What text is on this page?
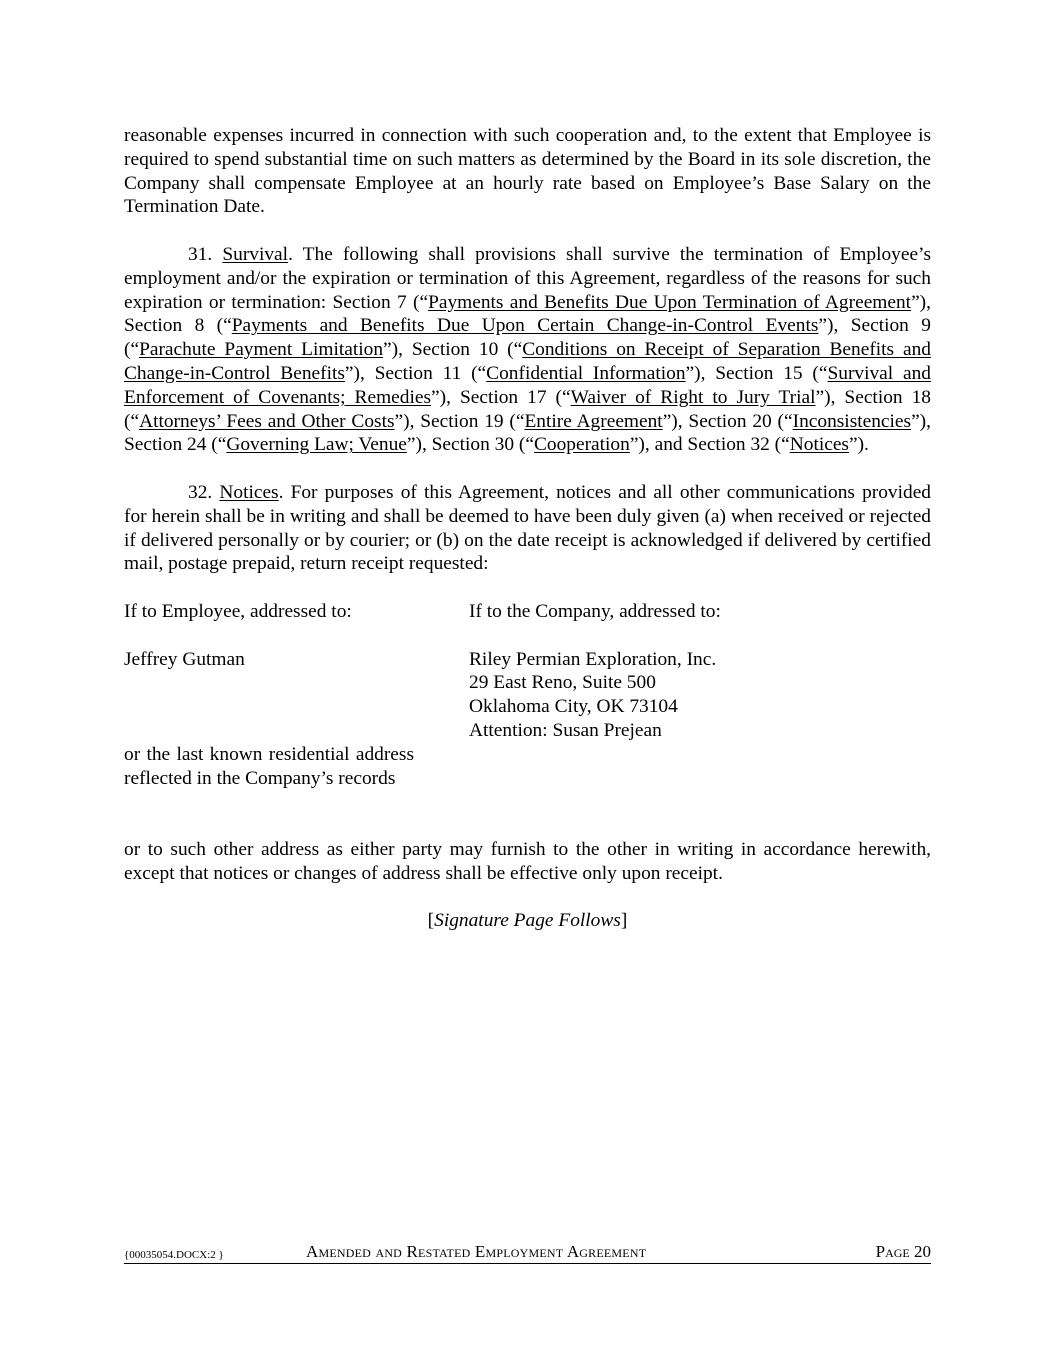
reasonable expenses incurred in connection with such cooperation and, to the extent that Employee is required to spend substantial time on such matters as determined by the Board in its sole discretion, the Company shall compensate Employee at an hourly rate based on Employee’s Base Salary on the Termination Date.

31. Survival. The following shall provisions shall survive the termination of Employee’s employment and/or the expiration or termination of this Agreement, regardless of the reasons for such expiration or termination: Section 7 (“Payments and Benefits Due Upon Termination of Agreement”), Section 8 (“Payments and Benefits Due Upon Certain Change-in-Control Events”), Section 9 (“Parachute Payment Limitation”), Section 10 (“Conditions on Receipt of Separation Benefits and Change-in-Control Benefits”), Section 11 (“Confidential Information”), Section 15 (“Survival and Enforcement of Covenants; Remedies”), Section 17 (“Waiver of Right to Jury Trial”), Section 18 (“Attorneys’ Fees and Other Costs”), Section 19 (“Entire Agreement”), Section 20 (“Inconsistencies”), Section 24 (“Governing Law; Venue”), Section 30 (“Cooperation”), and Section 32 (“Notices”).

32. Notices. For purposes of this Agreement, notices and all other communications provided for herein shall be in writing and shall be deemed to have been duly given (a) when received or rejected if delivered personally or by courier; or (b) on the date receipt is acknowledged if delivered by certified mail, postage prepaid, return receipt requested:

If to Employee, addressed to:

Jeffrey Gutman

or the last known residential address reflected in the Company’s records

If to the Company, addressed to:

Riley Permian Exploration, Inc.

29 East Reno, Suite 500

Oklahoma City, OK 73104

Attention: Susan Prejean

or to such other address as either party may furnish to the other in writing in accordance herewith, except that notices or changes of address shall be effective only upon receipt.

[Signature Page Follows]

{00035054.DOCX:2 }	Amended and Restated Employment Agreement	Page 20
